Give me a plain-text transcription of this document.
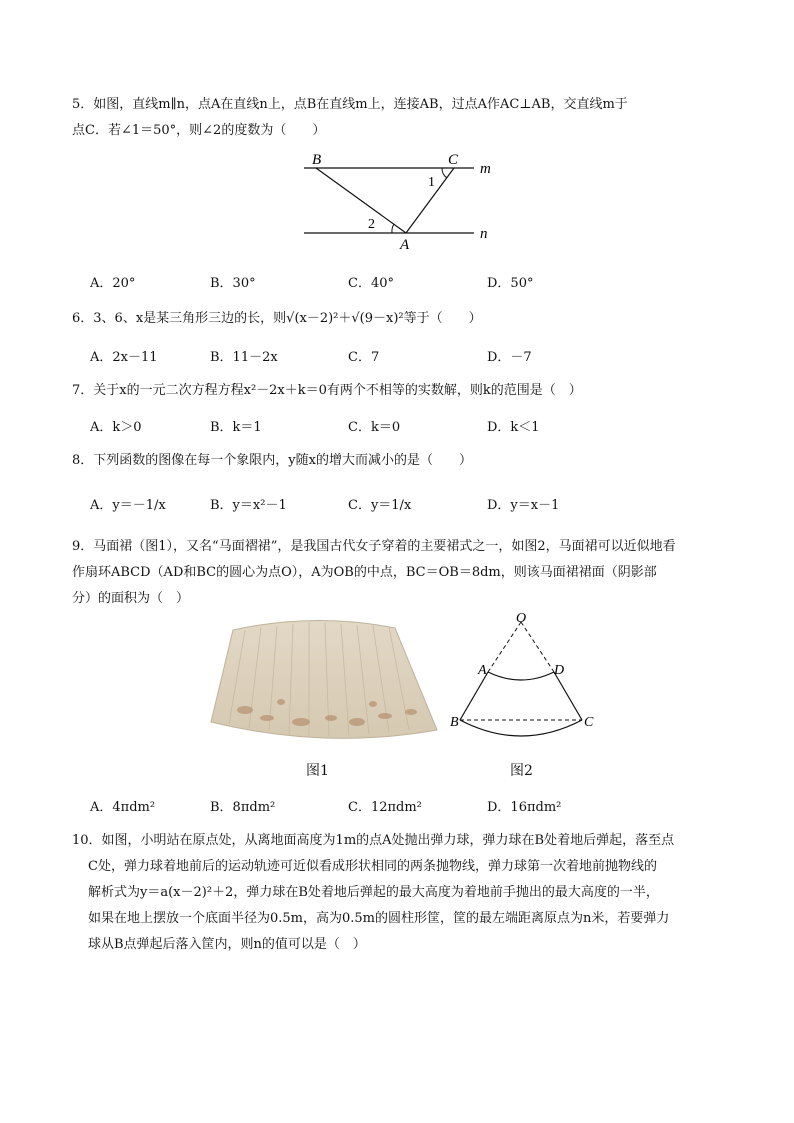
5．如图，直线m∥n，点A在直线n上，点B在直线m上，连接AB，过点A作AC⊥AB，交直线m于
点C．若∠1＝50°，则∠2的度数为（　　）
B	C
m
n
A
1
2
A．20°	B．30°	C．40°	D．50°
6．3、6、x是某三角形三边的长，则√(x－2)²＋√(9－x)²等于（　　）
A．2x－11	B．11－2x	C．7	D．－7
7．关于x的一元二次方程方程x²－2x＋k＝0有两个不相等的实数解，则k的范围是（　）
A．k＞0	B．k＝1	C．k＝0	D．k＜1
8．下列函数的图像在每一个象限内，y随x的增大而减小的是（　　）
A．y＝－1/x	B．y＝x²－1	C．y＝1/x	D．y＝x－1
9．马面裙（图1），又名“马面褶裙”，是我国古代女子穿着的主要裙式之一，如图2，马面裙可以近似地看
作扇环ABCD（AD和BC的圆心为点O），A为OB的中点，BC＝OB＝8dm，则该马面裙裙面（阴影部
分）的面积为（　）
图1
O
A	D
B	C
图2
A．4πdm²	B．8πdm²	C．12πdm²	D．16πdm²
10．如图，小明站在原点处，从离地面高度为1m的点A处抛出弹力球，弹力球在B处着地后弹起，落至点
C处，弹力球着地前后的运动轨迹可近似看成形状相同的两条抛物线，弹力球第一次着地前抛物线的
解析式为y＝a(x－2)²＋2，弹力球在B处着地后弹起的最大高度为着地前手抛出的最大高度的一半，
如果在地上摆放一个底面半径为0.5m，高为0.5m的圆柱形筐，筐的最左端距离原点为n米，若要弹力
球从B点弹起后落入筐内，则n的值可以是（　）
